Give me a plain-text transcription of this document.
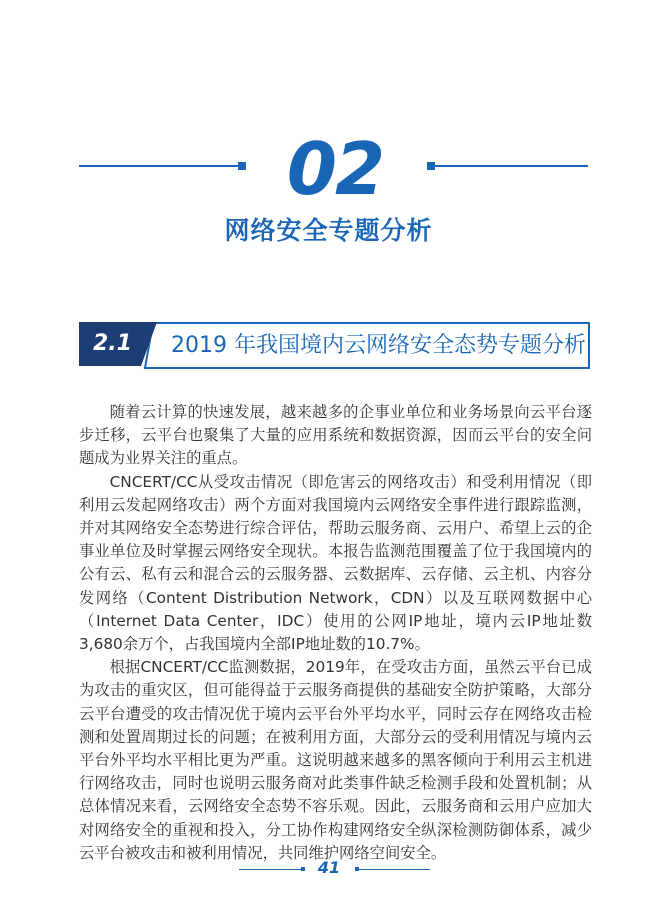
02
网络安全专题分析
2.1	2019 年我国境内云网络安全态势专题分析

随着云计算的快速发展，越来越多的企事业单位和业务场景向云平台逐步迁移，云平台也聚集了大量的应用系统和数据资源，因而云平台的安全问题成为业界关注的重点。

CNCERT/CC从受攻击情况（即危害云的网络攻击）和受利用情况（即利用云发起网络攻击）两个方面对我国境内云网络安全事件进行跟踪监测，并对其网络安全态势进行综合评估，帮助云服务商、云用户、希望上云的企事业单位及时掌握云网络安全现状。本报告监测范围覆盖了位于我国境内的公有云、私有云和混合云的云服务器、云数据库、云存储、云主机、内容分发网络（Content Distribution Network，CDN）以及互联网数据中心（Internet Data Center，IDC）使用的公网IP地址，境内云IP地址数3,680余万个，占我国境内全部IP地址数的10.7%。

根据CNCERT/CC监测数据，2019年，在受攻击方面，虽然云平台已成为攻击的重灾区，但可能得益于云服务商提供的基础安全防护策略，大部分云平台遭受的攻击情况优于境内云平台外平均水平，同时云存在网络攻击检测和处置周期过长的问题；在被利用方面，大部分云的受利用情况与境内云平台外平均水平相比更为严重。这说明越来越多的黑客倾向于利用云主机进行网络攻击，同时也说明云服务商对此类事件缺乏检测手段和处置机制；从总体情况来看，云网络安全态势不容乐观。因此，云服务商和云用户应加大对网络安全的重视和投入，分工协作构建网络安全纵深检测防御体系，减少云平台被攻击和被利用情况，共同维护网络空间安全。

41
